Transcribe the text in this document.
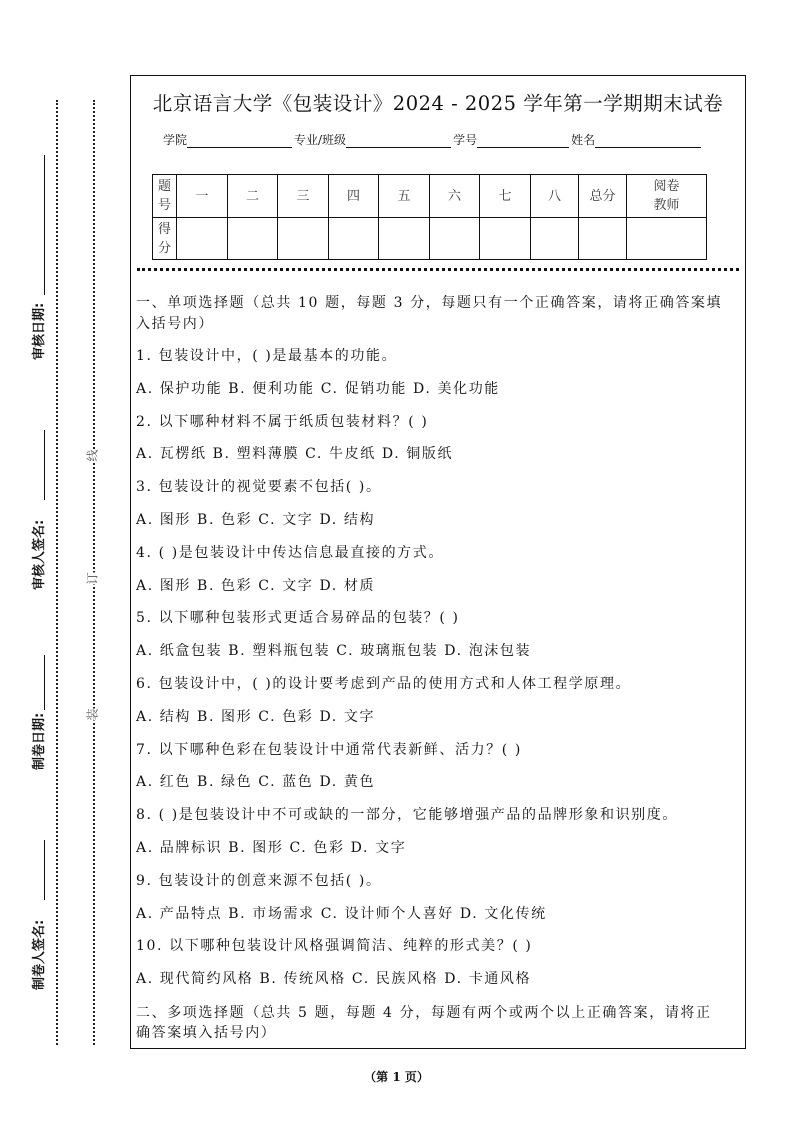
制卷人签名:
制卷日期:
审核人签名:
审核日期:
装
订
线
北京语言大学《包装设计》2024 - 2025 学年第一学期期末试卷
学院	专业/班级	学号	姓名
题号	一	二	三	四	五	六	七	八	总分	阅卷教师
得分										
一、单项选择题（总共 10 题，每题 3 分，每题只有一个正确答案，请将正确答案填
入括号内）
1. 包装设计中，( )是最基本的功能。
A. 保护功能 B. 便利功能 C. 促销功能 D. 美化功能
2. 以下哪种材料不属于纸质包装材料？( )
A. 瓦楞纸 B. 塑料薄膜 C. 牛皮纸 D. 铜版纸
3. 包装设计的视觉要素不包括( )。
A. 图形 B. 色彩 C. 文字 D. 结构
4. ( )是包装设计中传达信息最直接的方式。
A. 图形 B. 色彩 C. 文字 D. 材质
5. 以下哪种包装形式更适合易碎品的包装？( )
A. 纸盒包装 B. 塑料瓶包装 C. 玻璃瓶包装 D. 泡沫包装
6. 包装设计中，( )的设计要考虑到产品的使用方式和人体工程学原理。
A. 结构 B. 图形 C. 色彩 D. 文字
7. 以下哪种色彩在包装设计中通常代表新鲜、活力？( )
A. 红色 B. 绿色 C. 蓝色 D. 黄色
8. ( )是包装设计中不可或缺的一部分，它能够增强产品的品牌形象和识别度。
A. 品牌标识 B. 图形 C. 色彩 D. 文字
9. 包装设计的创意来源不包括( )。
A. 产品特点 B. 市场需求 C. 设计师个人喜好 D. 文化传统
10. 以下哪种包装设计风格强调简洁、纯粹的形式美？( )
A. 现代简约风格 B. 传统风格 C. 民族风格 D. 卡通风格
二、多项选择题（总共 5 题，每题 4 分，每题有两个或两个以上正确答案，请将正
确答案填入括号内）
（第 1 页）
